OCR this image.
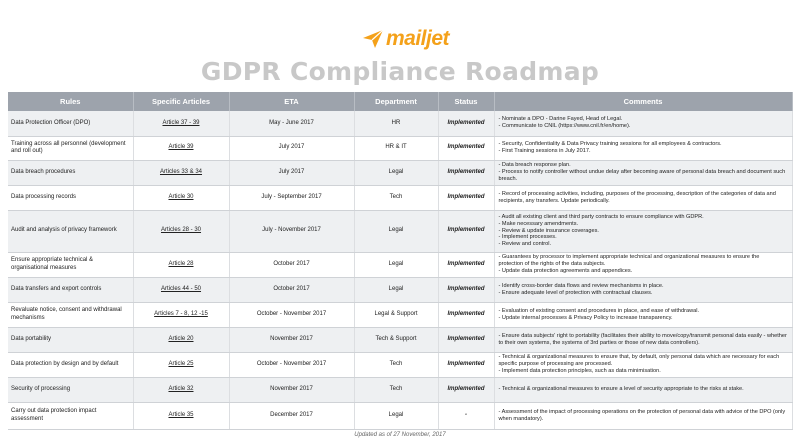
mailjet
GDPR Compliance Roadmap
Rules	Specific Articles	ETA	Department	Status	Comments
Data Protection Officer (DPO)	Article 37 - 39	May - June 2017	HR	Implemented	- Nominate a DPO - Darine Fayed, Head of Legal.
- Communicate to CNIL (https://www.cnil.fr/en/home).
Training across all personnel (development and roll out)	Article 39	July 2017	HR & IT	Implemented	- Security, Confidentiality & Data Privacy training sessions for all employees & contractors.
- First Training sessions in July 2017.
Data breach procedures	Articles 33 & 34	July 2017	Legal	Implemented	- Data breach response plan.
- Process to notify controller without undue delay after becoming aware of personal data breach and document such breach.
Data processing records	Article 30	July - September 2017	Tech	Implemented	- Record of processing activities, including, purposes of the processing, description of the categories of data and recipients, any transfers. Update periodically.
Audit and analysis of privacy framework	Articles 28 - 30	July - November 2017	Legal	Implemented	- Audit all existing client and third party contracts to ensure compliance with GDPR.
- Make necessary amendments.
- Review & update insurance coverages.
- Implement processes.
- Review and control.
Ensure appropriate technical & organisational measures	Article 28	October 2017	Legal	Implemented	- Guarantees by processor to implement appropriate technical and organizational measures to ensure the
protection of the rights of the data subjects.
- Update data protection agreements and appendices.
Data transfers and export controls	Articles 44 - 50	October 2017	Legal	Implemented	- Identify cross-border data flows and review mechanisms in place.
- Ensure adequate level of protection with contractual clauses.
Revaluate notice, consent and withdrawal mechanisms	Articles 7 - 8, 12 -15	October - November 2017	Legal & Support	Implemented	- Evaluation of existing consent and procedures in place, and ease of withdrawal.
- Update internal processes & Privacy Policy to increase transparency.
Data portability	Article 20	November 2017	Tech & Support	Implemented	- Ensure data subjects' right to portability (facilitates their ability to move/copy/transmit personal data easily - whether to their own systems, the systems of 3rd parties or those of new data controllers).
Data protection by design and by default	Article 25	October - November 2017	Tech	Implemented	- Technical & organizational measures to ensure that, by default, only personal data which are necessary for each specific purpose of processing are processed.
- Implement data protection principles, such as data minimisation.
Security of processing	Article 32	November 2017	Tech	Implemented	- Technical & organizational measures to ensure a level of security appropriate to the risks at stake.
Carry out data protection impact assessment	Article 35	December 2017	Legal	-	- Assessment of the impact of processing operations on the protection of personal data with advice of the DPO (only when mandatory).
Updated as of 27 November, 2017
